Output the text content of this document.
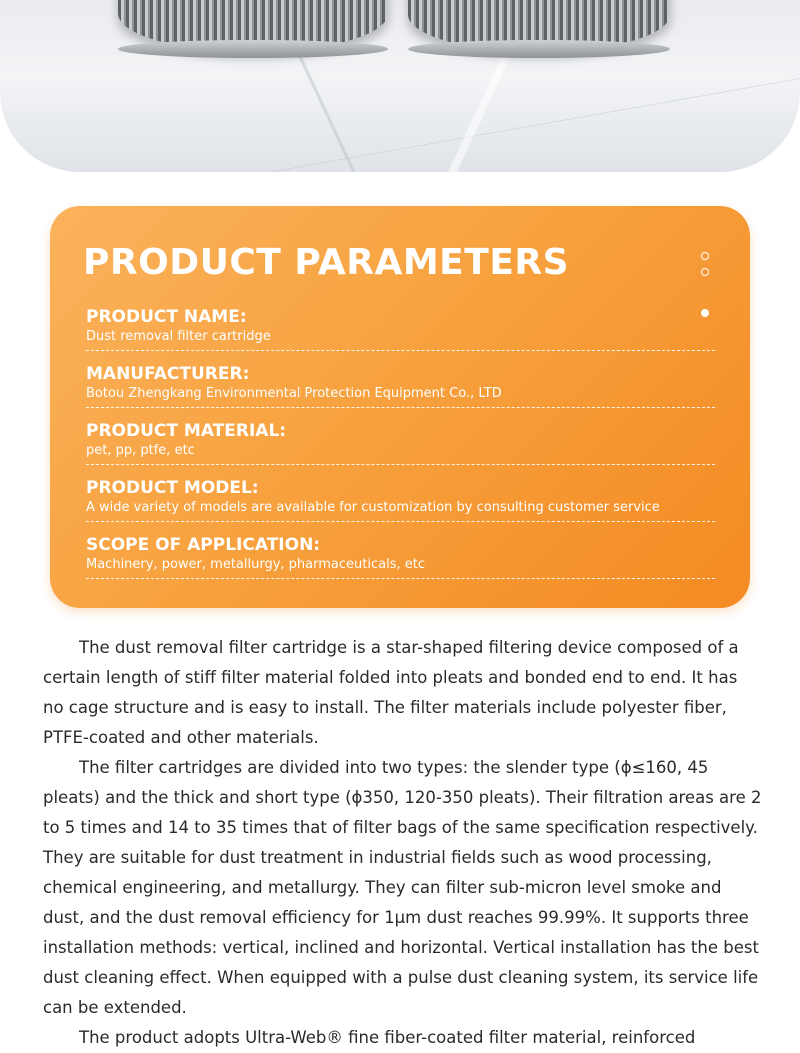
PRODUCT PARAMETERS
PRODUCT NAME:
Dust removal filter cartridge
MANUFACTURER:
Botou Zhengkang Environmental Protection Equipment Co., LTD
PRODUCT MATERIAL:
pet, pp, ptfe, etc
PRODUCT MODEL:
A wide variety of models are available for customization by consulting customer service
SCOPE OF APPLICATION:
Machinery, power, metallurgy, pharmaceuticals, etc

The dust removal filter cartridge is a star-shaped filtering device composed of a certain length of stiff filter material folded into pleats and bonded end to end. It has no cage structure and is easy to install. The filter materials include polyester fiber, PTFE-coated and other materials.

The filter cartridges are divided into two types: the slender type (ϕ≤160, 45 pleats) and the thick and short type (ϕ350, 120-350 pleats). Their filtration areas are 2 to 5 times and 14 to 35 times that of filter bags of the same specification respectively. They are suitable for dust treatment in industrial fields such as wood processing, chemical engineering, and metallurgy. They can filter sub-micron level smoke and dust, and the dust removal efficiency for 1μm dust reaches 99.99%. It supports three installation methods: vertical, inclined and horizontal. Vertical installation has the best dust cleaning effect. When equipped with a pulse dust cleaning system, its service life can be extended.

The product adopts Ultra-Web® fine fiber-coated filter material, reinforced
